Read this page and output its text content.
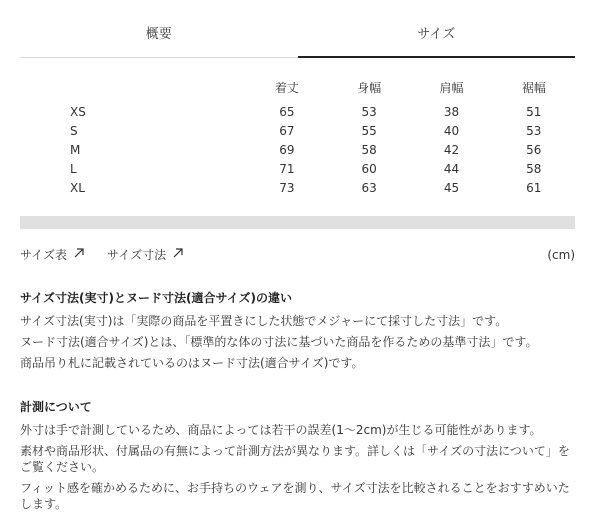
概要	サイズ
	着丈	身幅	肩幅	裾幅
XS	65	53	38	51
S	67	55	40	53
M	69	58	42	56
L	71	60	44	58
XL	73	63	45	61
サイズ表	サイズ寸法	(cm)
サイズ寸法(実寸)とヌード寸法(適合サイズ)の違い

サイズ寸法(実寸)は「実際の商品を平置きにした状態でメジャーにて採寸した寸法」です。

ヌード寸法(適合サイズ)とは、「標準的な体の寸法に基づいた商品を作るための基準寸法」です。

商品吊り札に記載されているのはヌード寸法(適合サイズ)です。

計測について

外寸は手で計測しているため、商品によっては若干の誤差(1〜2cm)が生じる可能性があります。

素材や商品形状、付属品の有無によって計測方法が異なります。詳しくは「サイズの寸法について」をご覧ください。

フィット感を確かめるために、お手持ちのウェアを測り、サイズ寸法を比較されることをおすすめいたします。
